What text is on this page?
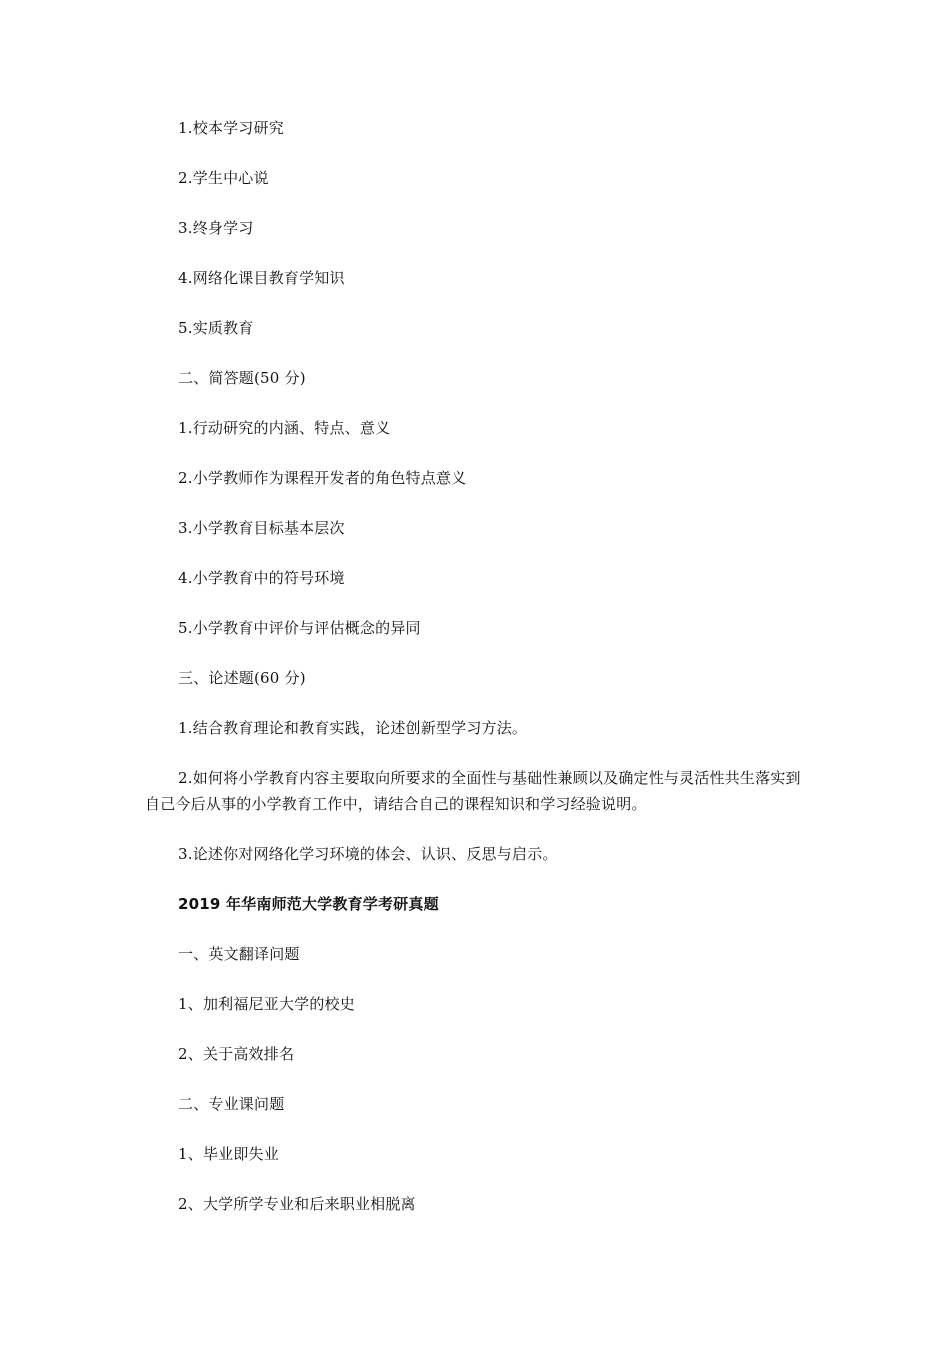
1.校本学习研究
2.学生中心说
3.终身学习
4.网络化课目教育学知识
5.实质教育
二、简答题(50 分)
1.行动研究的内涵、特点、意义
2.小学教师作为课程开发者的角色特点意义
3.小学教育目标基本层次
4.小学教育中的符号环境
5.小学教育中评价与评估概念的异同
三、论述题(60 分)
1.结合教育理论和教育实践，论述创新型学习方法。
2.如何将小学教育内容主要取向所要求的全面性与基础性兼顾以及确定性与灵活性共生落实到自己今后从事的小学教育工作中，请结合自己的课程知识和学习经验说明。
3.论述你对网络化学习环境的体会、认识、反思与启示。
2019 年华南师范大学教育学考研真题
一、英文翻译问题
1、加利福尼亚大学的校史
2、关于高效排名
二、专业课问题
1、毕业即失业
2、大学所学专业和后来职业相脱离
